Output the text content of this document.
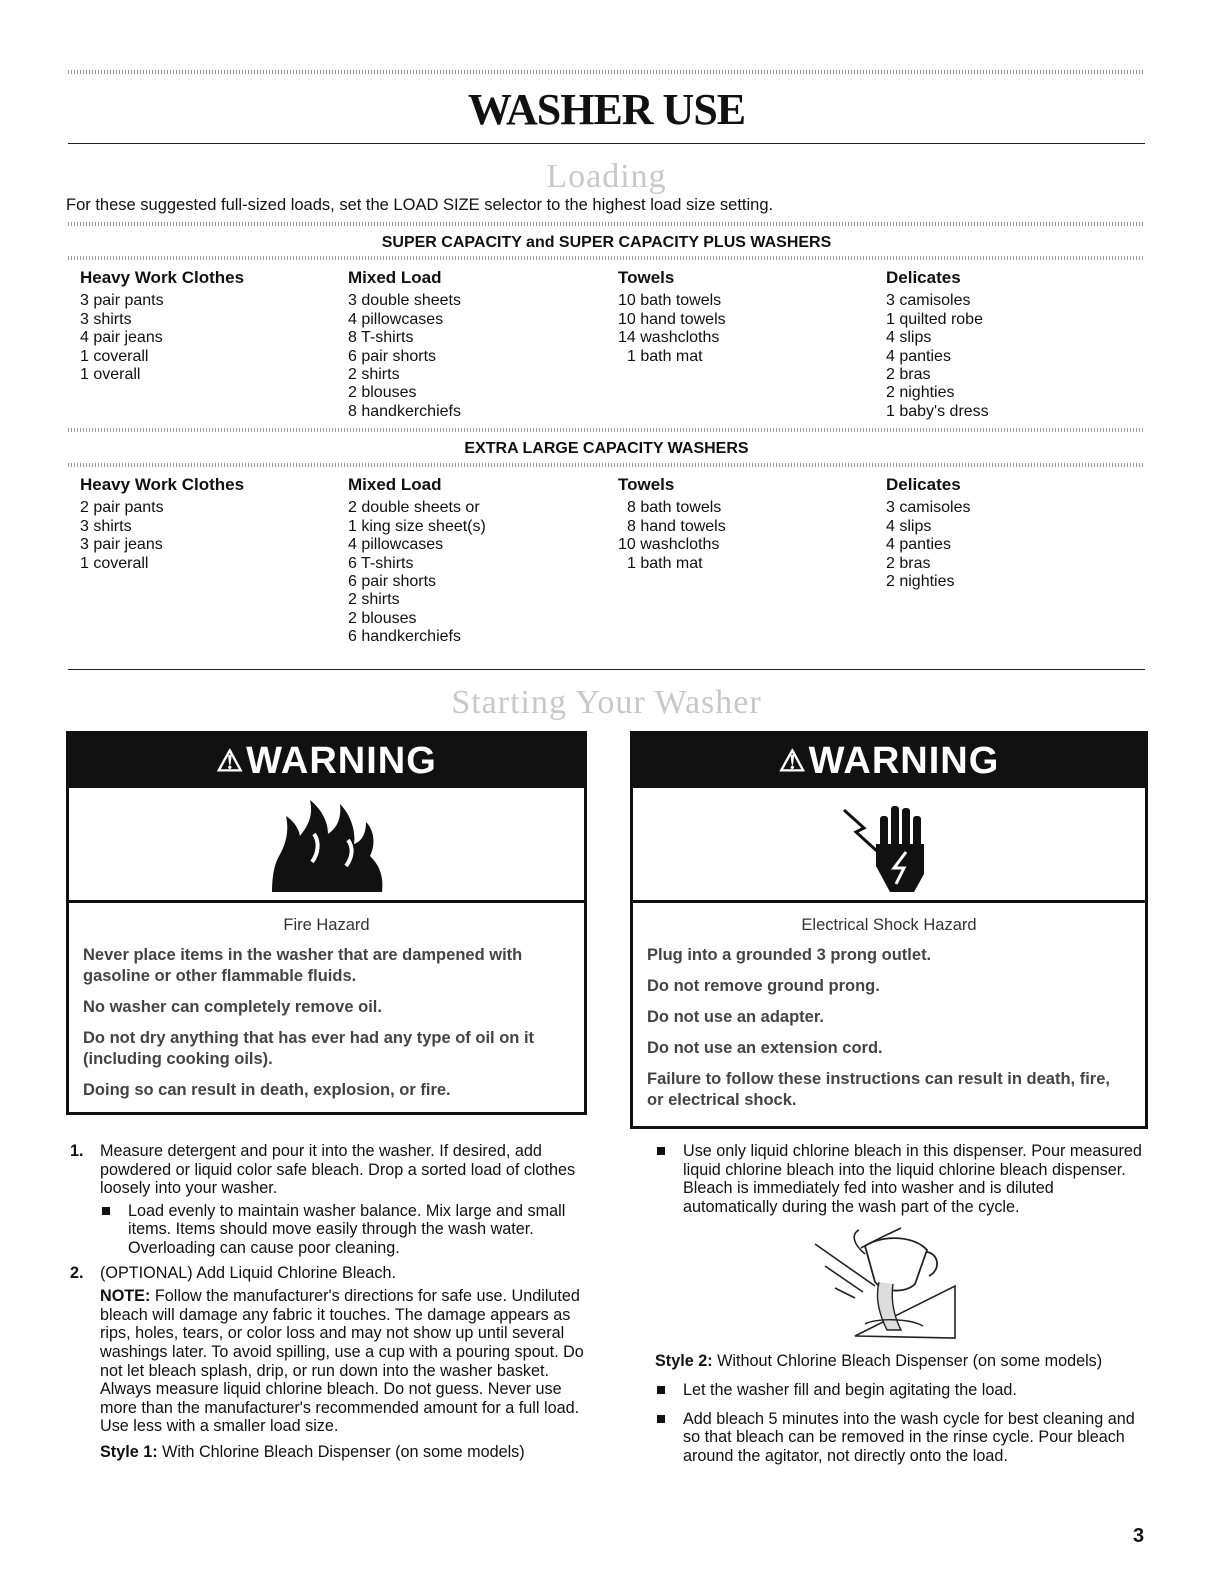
WASHER USE
Loading
For these suggested full-sized loads, set the LOAD SIZE selector to the highest load size setting.
SUPER CAPACITY and SUPER CAPACITY PLUS WASHERS
Heavy Work Clothes
3 pair pants
3 shirts
4 pair jeans
1 coverall
1 overall
Mixed Load
3 double sheets
4 pillowcases
8 T-shirts
6 pair shorts
2 shirts
2 blouses
8 handkerchiefs
Towels
10 bath towels
10 hand towels
14 washcloths
1 bath mat
Delicates
3 camisoles
1 quilted robe
4 slips
4 panties
2 bras
2 nighties
1 baby's dress
EXTRA LARGE CAPACITY WASHERS
Heavy Work Clothes
2 pair pants
3 shirts
3 pair jeans
1 coverall
Mixed Load
2 double sheets or
1 king size sheet(s)
4 pillowcases
6 T-shirts
6 pair shorts
2 shirts
2 blouses
6 handkerchiefs
Towels
8 bath towels
8 hand towels
10 washcloths
1 bath mat
Delicates
3 camisoles
4 slips
4 panties
2 bras
2 nighties
Starting Your Washer
⚠ WARNING
Fire Hazard

Never place items in the washer that are dampened with gasoline or other flammable fluids.

No washer can completely remove oil.

Do not dry anything that has ever had any type of oil on it (including cooking oils).

Doing so can result in death, explosion, or fire.

⚠ WARNING
Electrical Shock Hazard

Plug into a grounded 3 prong outlet.

Do not remove ground prong.

Do not use an adapter.

Do not use an extension cord.

Failure to follow these instructions can result in death, fire, or electrical shock.

1. Measure detergent and pour it into the washer. If desired, add powdered or liquid color safe bleach. Drop a sorted load of clothes loosely into your washer.

Load evenly to maintain washer balance. Mix large and small items. Items should move easily through the wash water. Overloading can cause poor cleaning.

2. (OPTIONAL) Add Liquid Chlorine Bleach.

NOTE: Follow the manufacturer's directions for safe use. Undiluted bleach will damage any fabric it touches. The damage appears as rips, holes, tears, or color loss and may not show up until several washings later. To avoid spilling, use a cup with a pouring spout. Do not let bleach splash, drip, or run down into the washer basket. Always measure liquid chlorine bleach. Do not guess. Never use more than the manufacturer's recommended amount for a full load. Use less with a smaller load size.

Style 1: With Chlorine Bleach Dispenser (on some models)

Use only liquid chlorine bleach in this dispenser. Pour measured liquid chlorine bleach into the liquid chlorine bleach dispenser. Bleach is immediately fed into washer and is diluted automatically during the wash part of the cycle.

Style 2: Without Chlorine Bleach Dispenser (on some models)

Let the washer fill and begin agitating the load.

Add bleach 5 minutes into the wash cycle for best cleaning and so that bleach can be removed in the rinse cycle. Pour bleach around the agitator, not directly onto the load.

3
